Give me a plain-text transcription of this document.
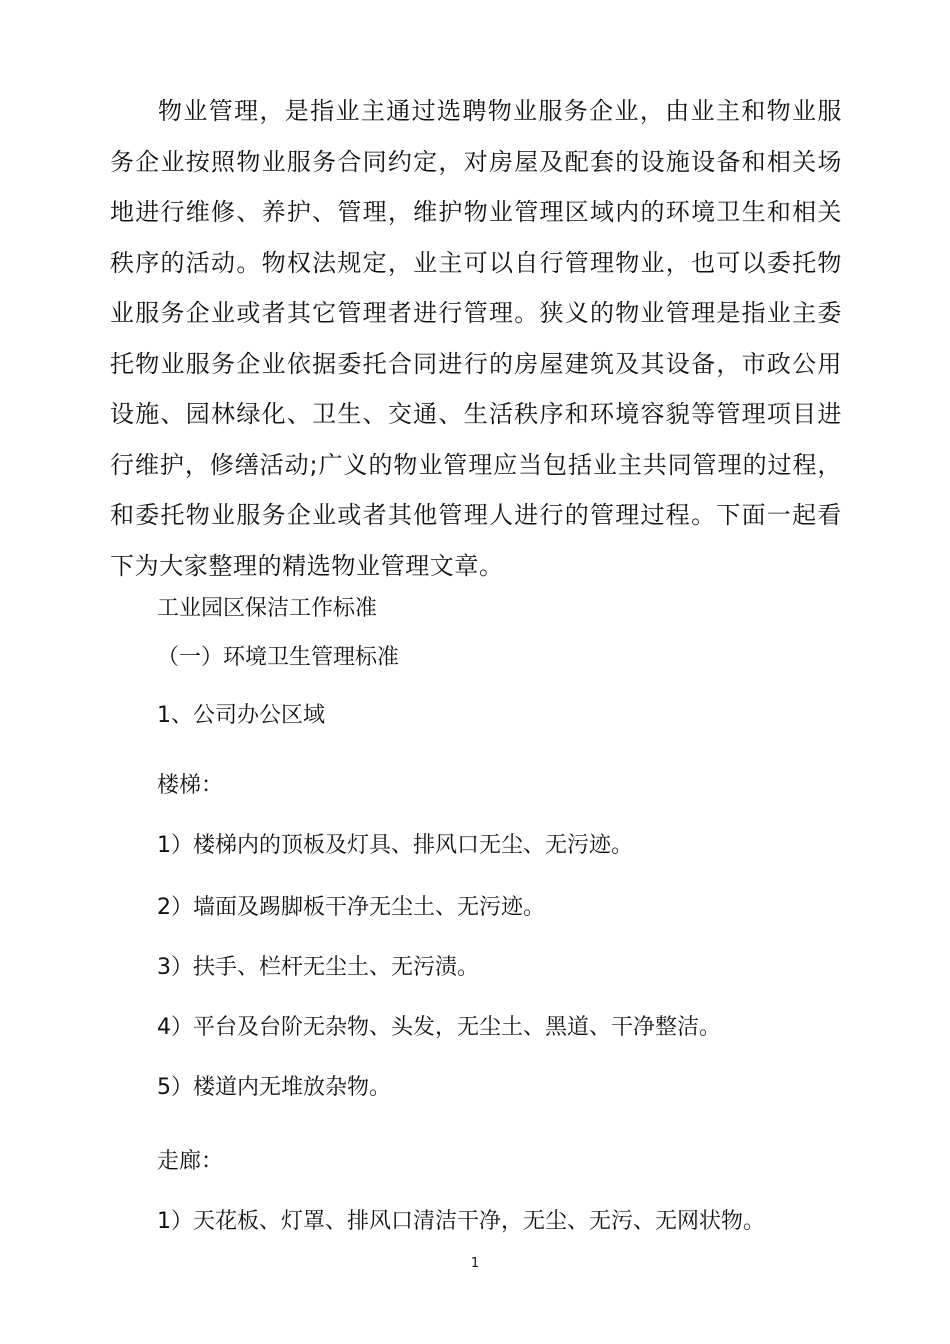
物业管理，是指业主通过选聘物业服务企业，由业主和物业服务企业按照物业服务合同约定，对房屋及配套的设施设备和相关场地进行维修、养护、管理，维护物业管理区域内的环境卫生和相关秩序的活动。物权法规定，业主可以自行管理物业，也可以委托物业服务企业或者其它管理者进行管理。狭义的物业管理是指业主委托物业服务企业依据委托合同进行的房屋建筑及其设备，市政公用设施、园林绿化、卫生、交通、生活秩序和环境容貌等管理项目进行维护，修缮活动;广义的物业管理应当包括业主共同管理的过程，和委托物业服务企业或者其他管理人进行的管理过程。下面一起看下为大家整理的精选物业管理文章。

工业园区保洁工作标准

（一）环境卫生管理标准

1、公司办公区域

楼梯：

1）楼梯内的顶板及灯具、排风口无尘、无污迹。

2）墙面及踢脚板干净无尘土、无污迹。

3）扶手、栏杆无尘土、无污渍。

4）平台及台阶无杂物、头发，无尘土、黑道、干净整洁。

5）楼道内无堆放杂物。

走廊：

1）天花板、灯罩、排风口清洁干净，无尘、无污、无网状物。

1
